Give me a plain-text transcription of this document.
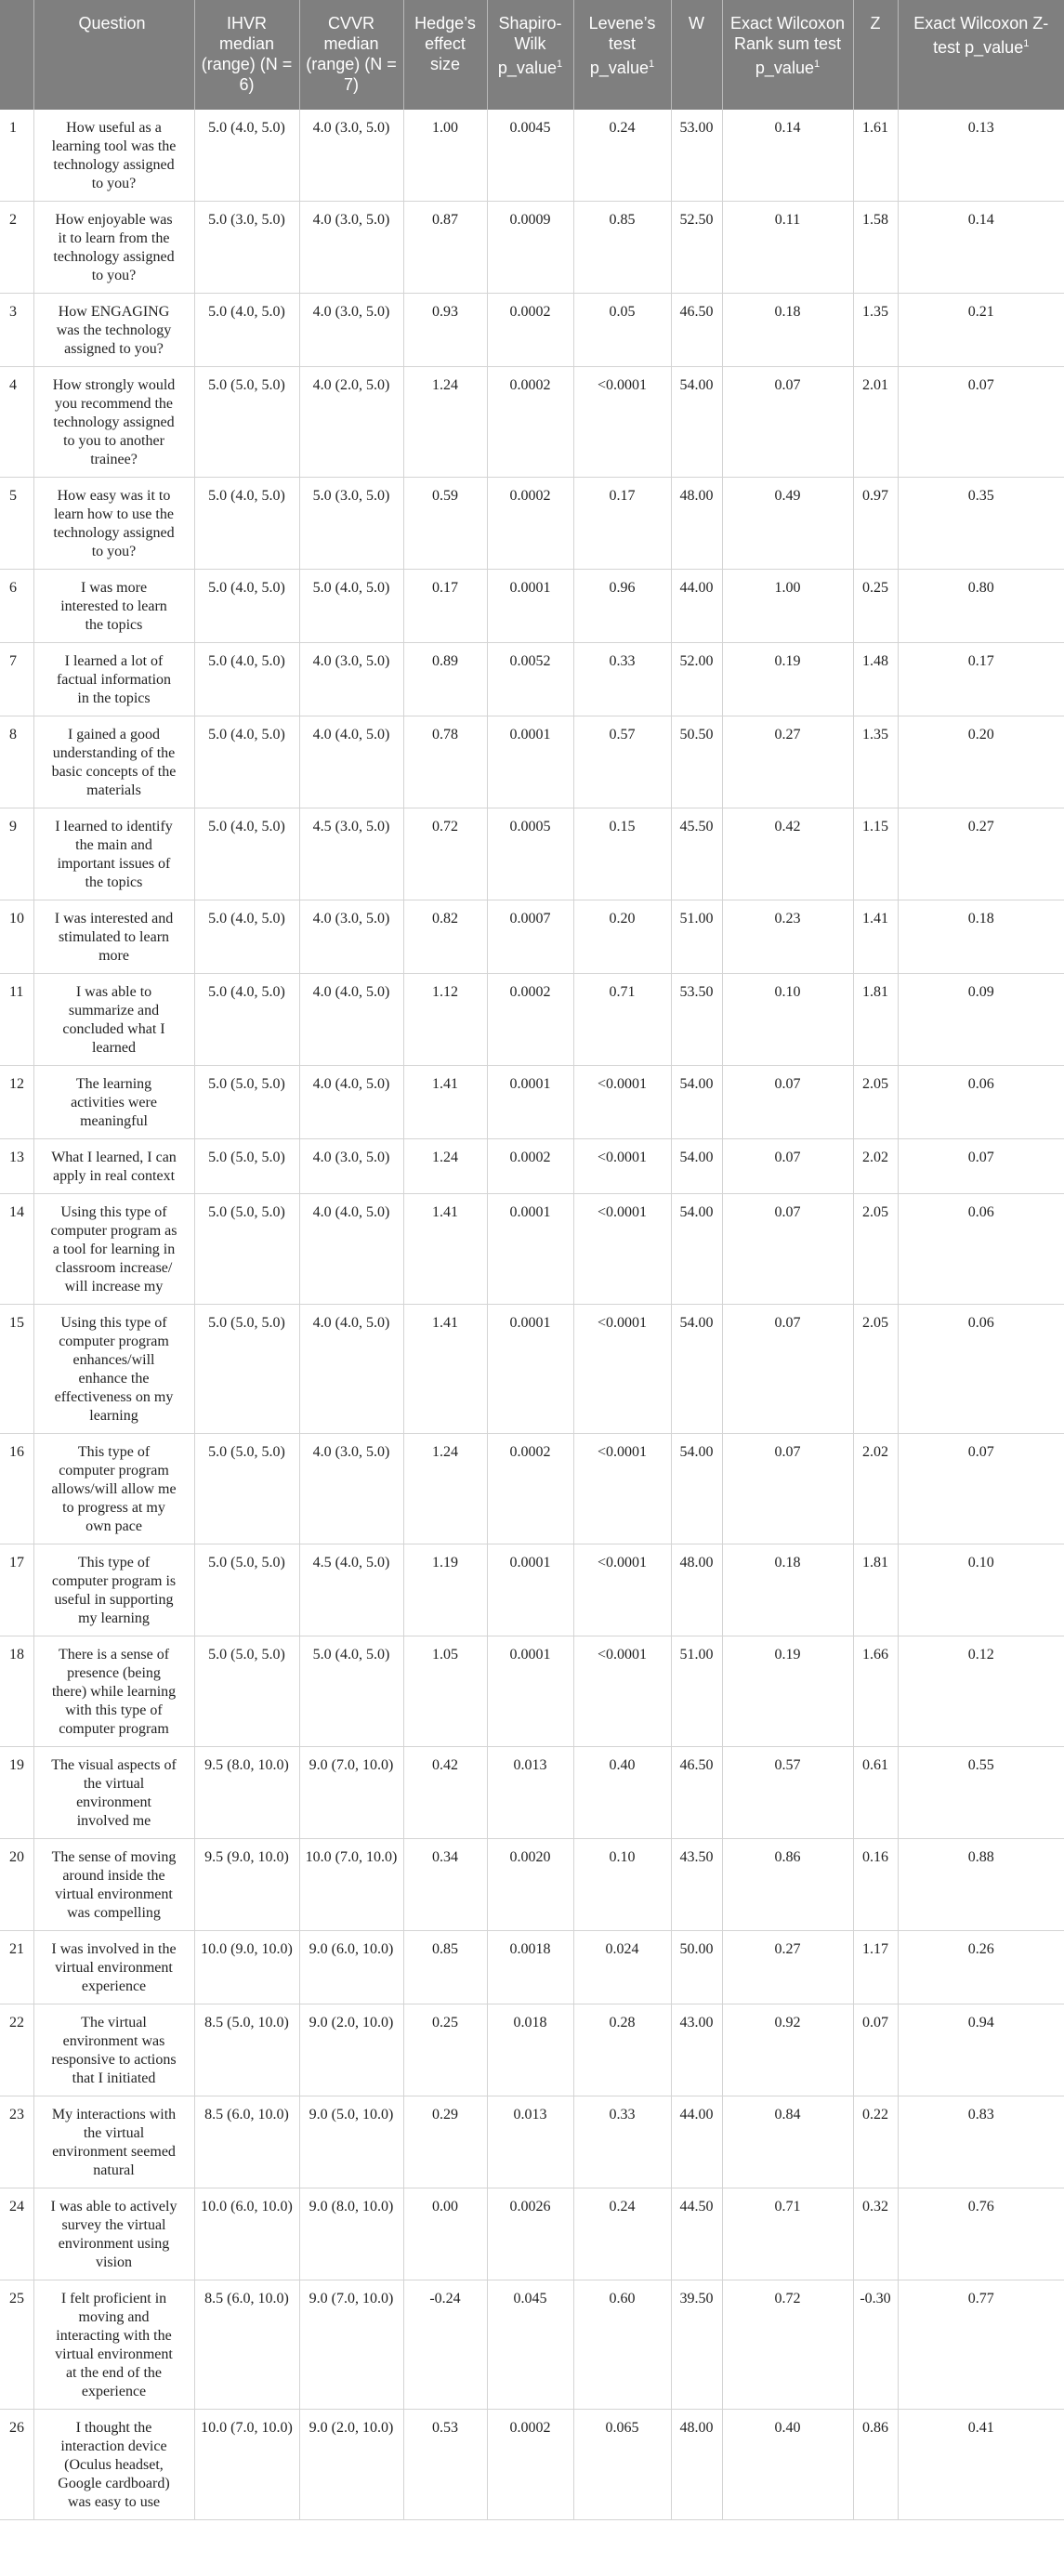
	Question	IHVR median (range) (N = 6)	CVVR median (range) (N = 7)	Hedge’s effect size	Shapiro-Wilk p_value$^1$	Levene’s test p_value$^1$	W	Exact Wilcoxon Rank sum test p_value$^1$	Z	Exact Wilcoxon Z-test p_value$^1$
1	How useful as a learning tool was the technology assigned to you?	5.0 (4.0, 5.0)	4.0 (3.0, 5.0)	1.00	0.0045	0.24	53.00	0.14	1.61	0.13
2	How enjoyable was it to learn from the technology assigned to you?	5.0 (3.0, 5.0)	4.0 (3.0, 5.0)	0.87	0.0009	0.85	52.50	0.11	1.58	0.14
3	How ENGAGING was the technology assigned to you?	5.0 (4.0, 5.0)	4.0 (3.0, 5.0)	0.93	0.0002	0.05	46.50	0.18	1.35	0.21
4	How strongly would you recommend the technology assigned to you to another trainee?	5.0 (5.0, 5.0)	4.0 (2.0, 5.0)	1.24	0.0002	<0.0001	54.00	0.07	2.01	0.07
5	How easy was it to learn how to use the technology assigned to you?	5.0 (4.0, 5.0)	5.0 (3.0, 5.0)	0.59	0.0002	0.17	48.00	0.49	0.97	0.35
6	I was more interested to learn the topics	5.0 (4.0, 5.0)	5.0 (4.0, 5.0)	0.17	0.0001	0.96	44.00	1.00	0.25	0.80
7	I learned a lot of factual information in the topics	5.0 (4.0, 5.0)	4.0 (3.0, 5.0)	0.89	0.0052	0.33	52.00	0.19	1.48	0.17
8	I gained a good understanding of the basic concepts of the materials	5.0 (4.0, 5.0)	4.0 (4.0, 5.0)	0.78	0.0001	0.57	50.50	0.27	1.35	0.20
9	I learned to identify the main and important issues of the topics	5.0 (4.0, 5.0)	4.5 (3.0, 5.0)	0.72	0.0005	0.15	45.50	0.42	1.15	0.27
10	I was interested and stimulated to learn more	5.0 (4.0, 5.0)	4.0 (3.0, 5.0)	0.82	0.0007	0.20	51.00	0.23	1.41	0.18
11	I was able to summarize and concluded what I learned	5.0 (4.0, 5.0)	4.0 (4.0, 5.0)	1.12	0.0002	0.71	53.50	0.10	1.81	0.09
12	The learning activities were meaningful	5.0 (5.0, 5.0)	4.0 (4.0, 5.0)	1.41	0.0001	<0.0001	54.00	0.07	2.05	0.06
13	What I learned, I can apply in real context	5.0 (5.0, 5.0)	4.0 (3.0, 5.0)	1.24	0.0002	<0.0001	54.00	0.07	2.02	0.07
14	Using this type of computer program as a tool for learning in classroom increase/ will increase my	5.0 (5.0, 5.0)	4.0 (4.0, 5.0)	1.41	0.0001	<0.0001	54.00	0.07	2.05	0.06
15	Using this type of computer program enhances/will enhance the effectiveness on my learning	5.0 (5.0, 5.0)	4.0 (4.0, 5.0)	1.41	0.0001	<0.0001	54.00	0.07	2.05	0.06
16	This type of computer program allows/will allow me to progress at my own pace	5.0 (5.0, 5.0)	4.0 (3.0, 5.0)	1.24	0.0002	<0.0001	54.00	0.07	2.02	0.07
17	This type of computer program is useful in supporting my learning	5.0 (5.0, 5.0)	4.5 (4.0, 5.0)	1.19	0.0001	<0.0001	48.00	0.18	1.81	0.10
18	There is a sense of presence (being there) while learning with this type of computer program	5.0 (5.0, 5.0)	5.0 (4.0, 5.0)	1.05	0.0001	<0.0001	51.00	0.19	1.66	0.12
19	The visual aspects of the virtual environment involved me	9.5 (8.0, 10.0)	9.0 (7.0, 10.0)	0.42	0.013	0.40	46.50	0.57	0.61	0.55
20	The sense of moving around inside the virtual environment was compelling	9.5 (9.0, 10.0)	10.0 (7.0, 10.0)	0.34	0.0020	0.10	43.50	0.86	0.16	0.88
21	I was involved in the virtual environment experience	10.0 (9.0, 10.0)	9.0 (6.0, 10.0)	0.85	0.0018	0.024	50.00	0.27	1.17	0.26
22	The virtual environment was responsive to actions that I initiated	8.5 (5.0, 10.0)	9.0 (2.0, 10.0)	0.25	0.018	0.28	43.00	0.92	0.07	0.94
23	My interactions with the virtual environment seemed natural	8.5 (6.0, 10.0)	9.0 (5.0, 10.0)	0.29	0.013	0.33	44.00	0.84	0.22	0.83
24	I was able to actively survey the virtual environment using vision	10.0 (6.0, 10.0)	9.0 (8.0, 10.0)	0.00	0.0026	0.24	44.50	0.71	0.32	0.76
25	I felt proficient in moving and interacting with the virtual environment at the end of the experience	8.5 (6.0, 10.0)	9.0 (7.0, 10.0)	-0.24	0.045	0.60	39.50	0.72	-0.30	0.77
26	I thought the interaction device (Oculus headset, Google cardboard) was easy to use	10.0 (7.0, 10.0)	9.0 (2.0, 10.0)	0.53	0.0002	0.065	48.00	0.40	0.86	0.41
